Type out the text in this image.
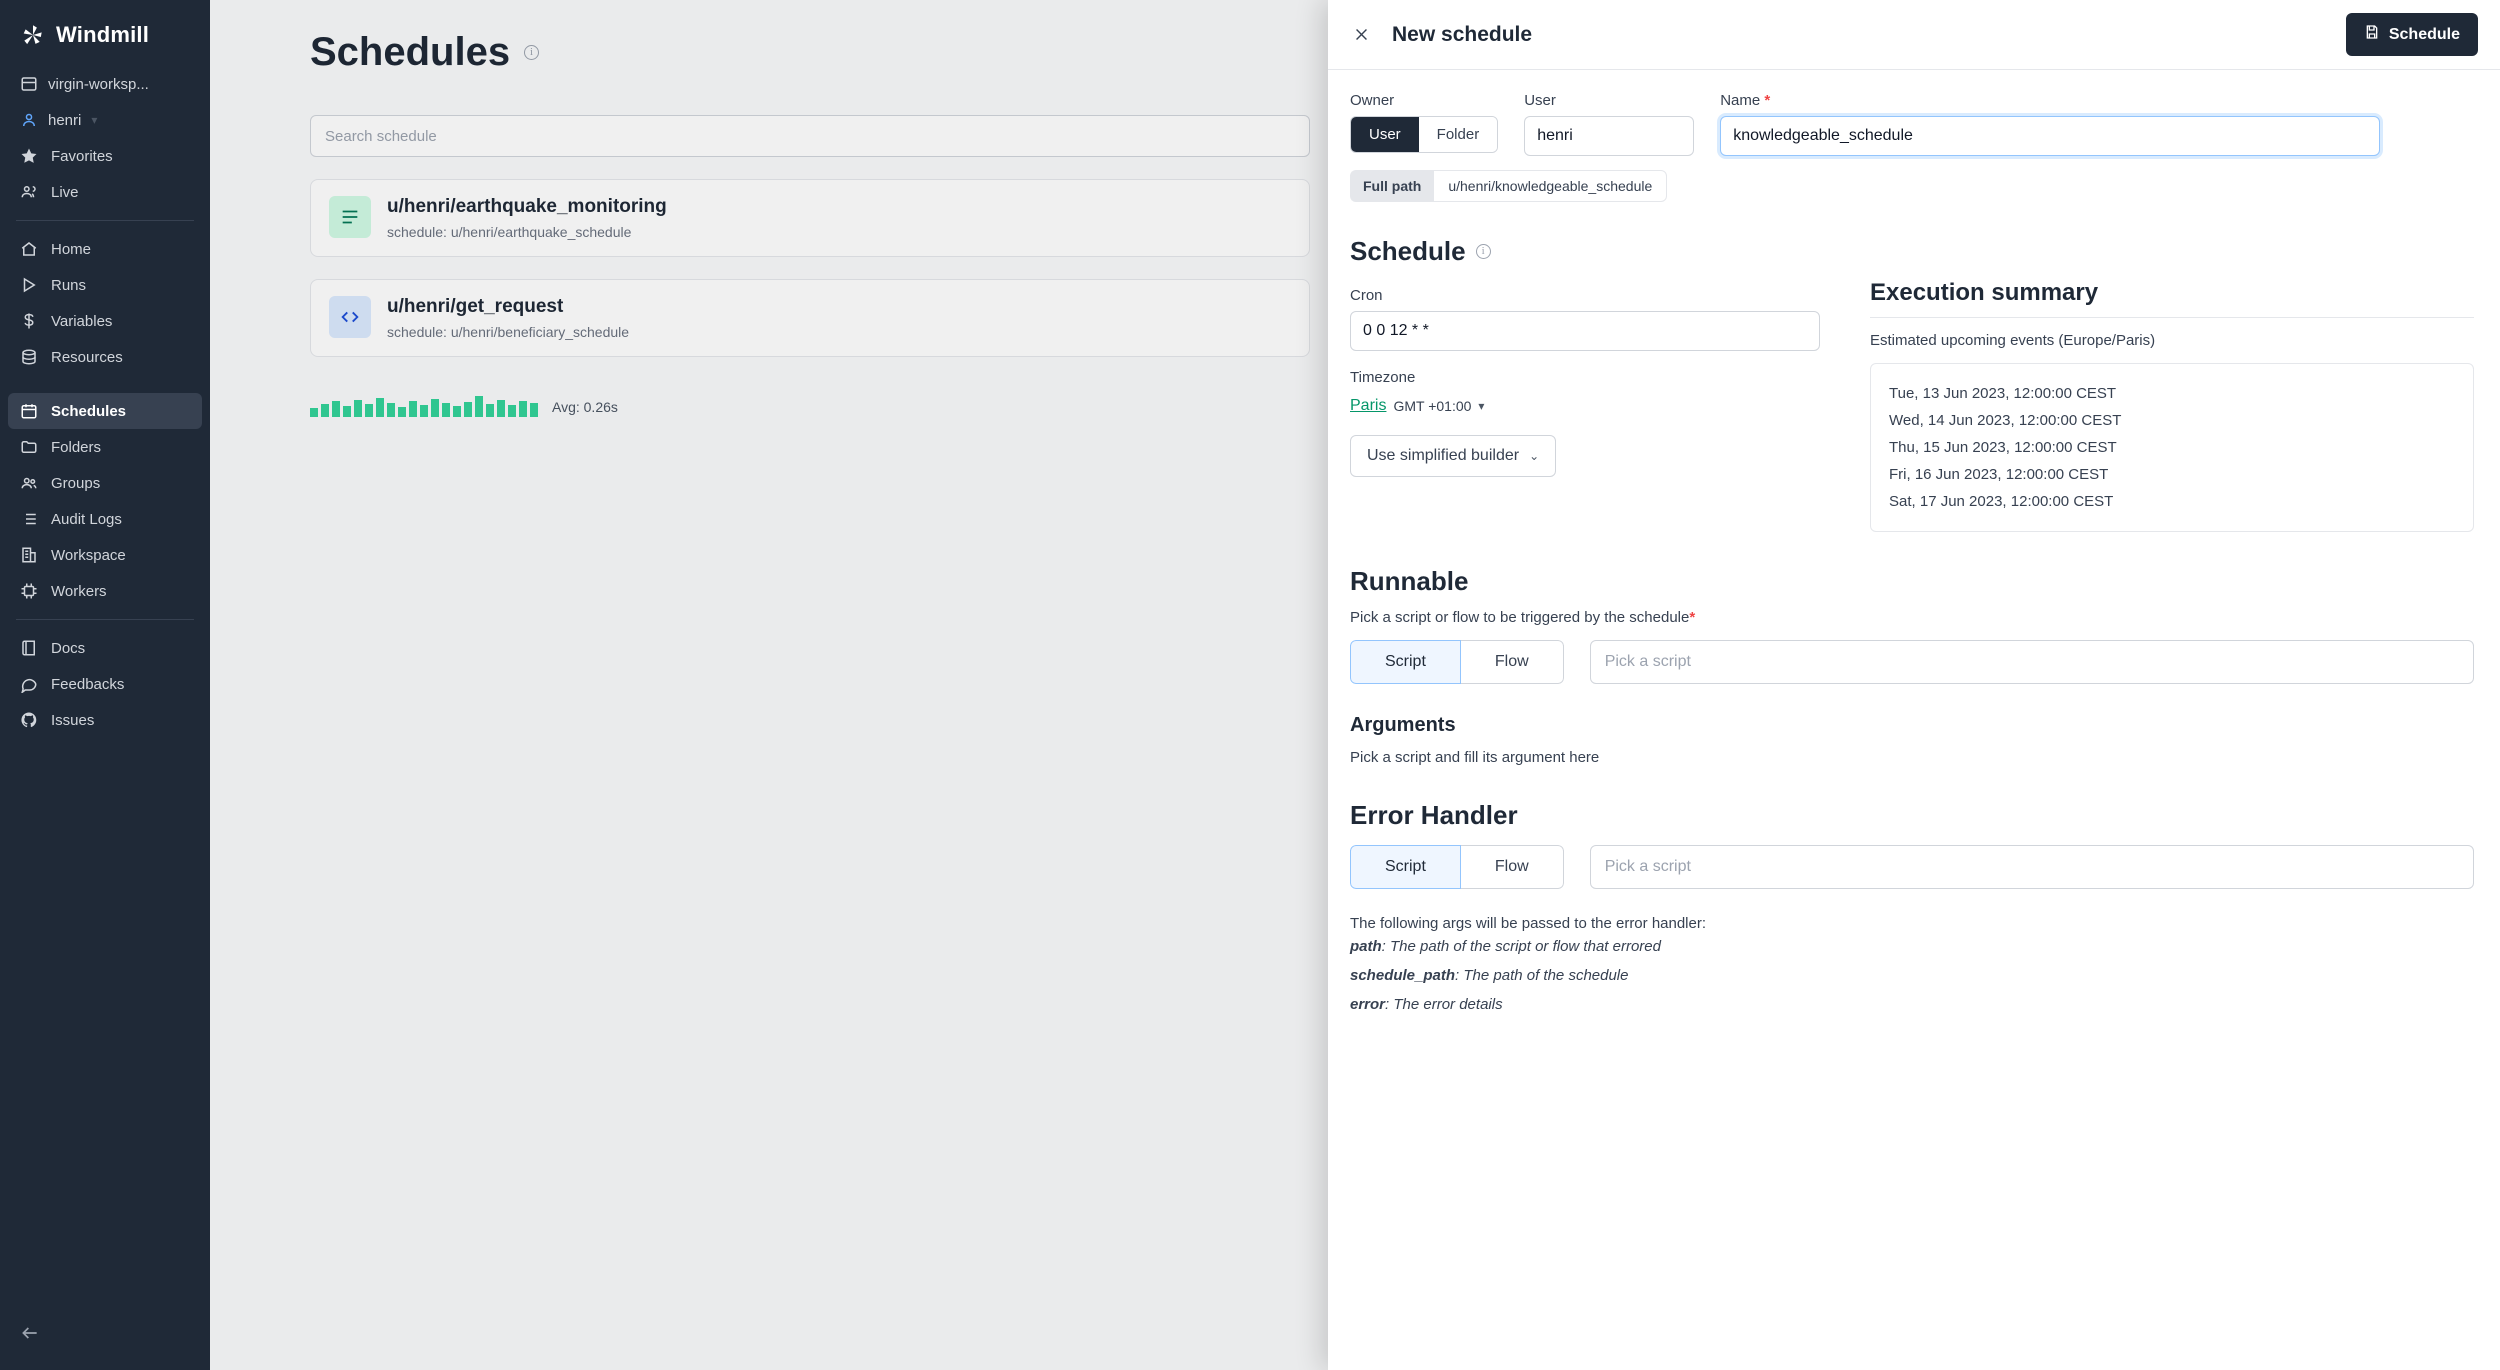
Windmill
virgin-worksp...
henri ▾
Favorites
Live
Home
Runs
Variables
Resources
Schedules
Folders
Groups
Audit Logs
Workspace
Workers
Docs
Feedbacks
Issues
Schedules	i
Search schedule
u/henri/earthquake_monitoring
schedule: u/henri/earthquake_schedule
u/henri/get_request
schedule: u/henri/beneficiary_schedule
Avg: 0.26s
New schedule	Schedule
Owner
User	Folder
User
henri	Name *
knowledgeable_schedule
Full path	u/henri/knowledgeable_schedule
Schedule	i
Cron
0 0 12 * *
Timezone
Paris GMT +01:00 ▾
Use simplified builder ⌄
Execution summary
Estimated upcoming events (Europe/Paris)
Tue, 13 Jun 2023, 12:00:00 CEST
Wed, 14 Jun 2023, 12:00:00 CEST
Thu, 15 Jun 2023, 12:00:00 CEST
Fri, 16 Jun 2023, 12:00:00 CEST
Sat, 17 Jun 2023, 12:00:00 CEST
Runnable
Pick a script or flow to be triggered by the schedule*
Script	Flow	Pick a script
Arguments
Pick a script and fill its argument here
Error Handler
Script	Flow	Pick a script
The following args will be passed to the error handler:
path: The path of the script or flow that errored
schedule_path: The path of the schedule
error: The error details
